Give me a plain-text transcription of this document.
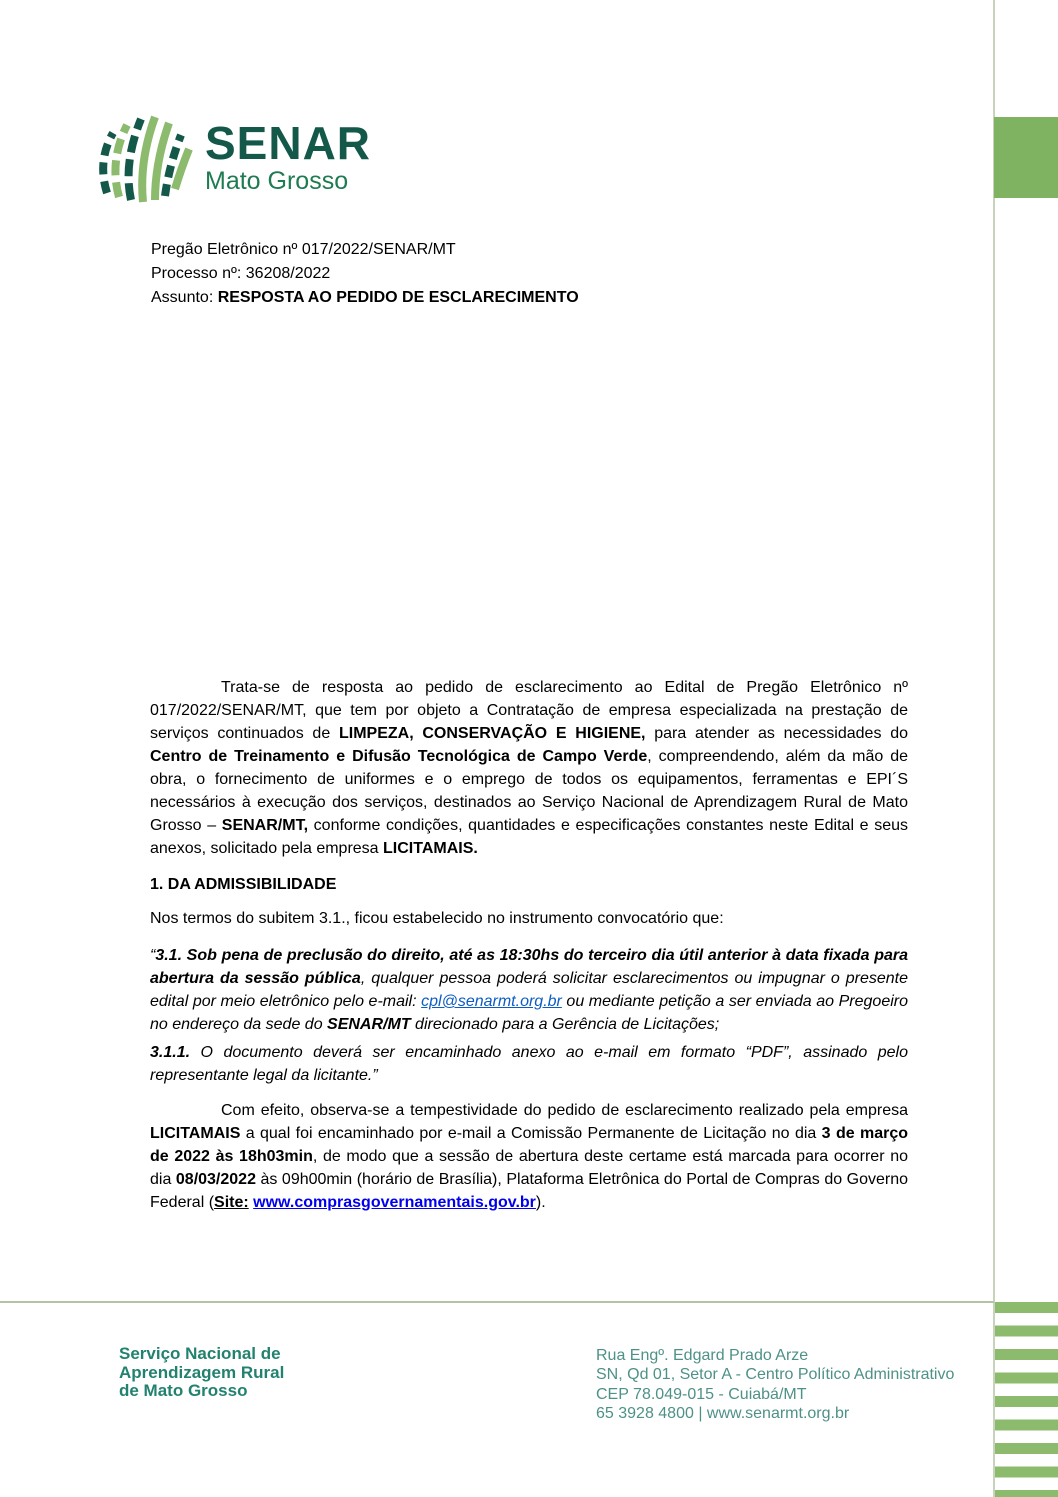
SENAR
Mato Grosso
Pregão Eletrônico nº 017/2022/SENAR/MT
Processo nº: 36208/2022
Assunto: RESPOSTA AO PEDIDO DE ESCLARECIMENTO

Trata-se de resposta ao pedido de esclarecimento ao Edital de Pregão Eletrônico nº 017/2022/SENAR/MT, que tem por objeto a Contratação de empresa especializada na prestação de serviços continuados de LIMPEZA, CONSERVAÇÃO E HIGIENE, para atender as necessidades do Centro de Treinamento e Difusão Tecnológica de Campo Verde, compreendendo, além da mão de obra, o fornecimento de uniformes e o emprego de todos os equipamentos, ferramentas e EPI´S necessários à execução dos serviços, destinados ao Serviço Nacional de Aprendizagem Rural de Mato Grosso – SENAR/MT, conforme condições, quantidades e especificações constantes neste Edital e seus anexos, solicitado pela empresa LICITAMAIS.

1. DA ADMISSIBILIDADE

Nos termos do subitem 3.1., ficou estabelecido no instrumento convocatório que:

“3.1. Sob pena de preclusão do direito, até as 18:30hs do terceiro dia útil anterior à data fixada para abertura da sessão pública, qualquer pessoa poderá solicitar esclarecimentos ou impugnar o presente edital por meio eletrônico pelo e-mail: cpl@senarmt.org.br ou mediante petição a ser enviada ao Pregoeiro no endereço da sede do SENAR/MT direcionado para a Gerência de Licitações;

3.1.1. O documento deverá ser encaminhado anexo ao e-mail em formato “PDF”, assinado pelo representante legal da licitante.”

Com efeito, observa-se a tempestividade do pedido de esclarecimento realizado pela empresa LICITAMAIS a qual foi encaminhado por e-mail a Comissão Permanente de Licitação no dia 3 de março de 2022 às 18h03min, de modo que a sessão de abertura deste certame está marcada para ocorrer no dia 08/03/2022 às 09h00min (horário de Brasília), Plataforma Eletrônica do Portal de Compras do Governo Federal (Site: www.comprasgovernamentais.gov.br).

Serviço Nacional de
Aprendizagem Rural
de Mato Grosso
Rua Engº. Edgard Prado Arze
SN, Qd 01, Setor A - Centro Político Administrativo
CEP 78.049-015 - Cuiabá/MT
65 3928 4800 | www.senarmt.org.br
